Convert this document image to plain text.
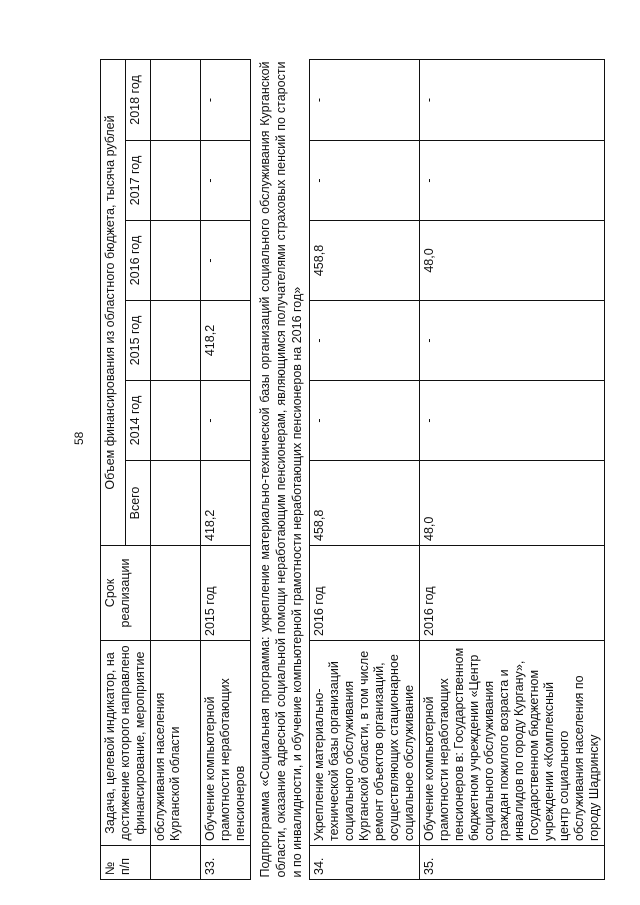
58
№ п/п	Задача, целевой индикатор, на достижение которого направлено финансирование, мероприятие	Срок реализации	Объем финансирования из областного бюджета, тысяча рублей					
			Всего	2014 год	2015 год	2016 год	2017 год	2018 год
	обслуживания населения Курганской области							
33.	Обучение компьютерной грамотности неработающих пенсионеров	2015 год	418,2	-	418,2	-	-	-
Подпрограмма «Социальная программа: укрепление материально-технической базы организаций социального обслуживания Курганской области, оказание адресной социальной помощи неработающим пенсионерам, являющимся получателями страховых пенсий по старости и по инвалидности, и обучение компьютерной грамотности неработающих пенсионеров на 2016 год»								
34.	Укрепление материально-технической базы организаций социального обслуживания Курганской области, в том числе ремонт объектов организаций, осуществляющих стационарное социальное обслуживание	2016 год	458,8	-	-	458,8	-	-
35.	Обучение компьютерной грамотности неработающих пенсионеров в: Государственном бюджетном учреждении «Центр социального обслуживания граждан пожилого возраста и инвалидов по городу Кургану», Государственном бюджетном учреждении «Комплексный центр социального обслуживания населения по городу Шадринску	2016 год	48,0	-	-	48,0	-	-
